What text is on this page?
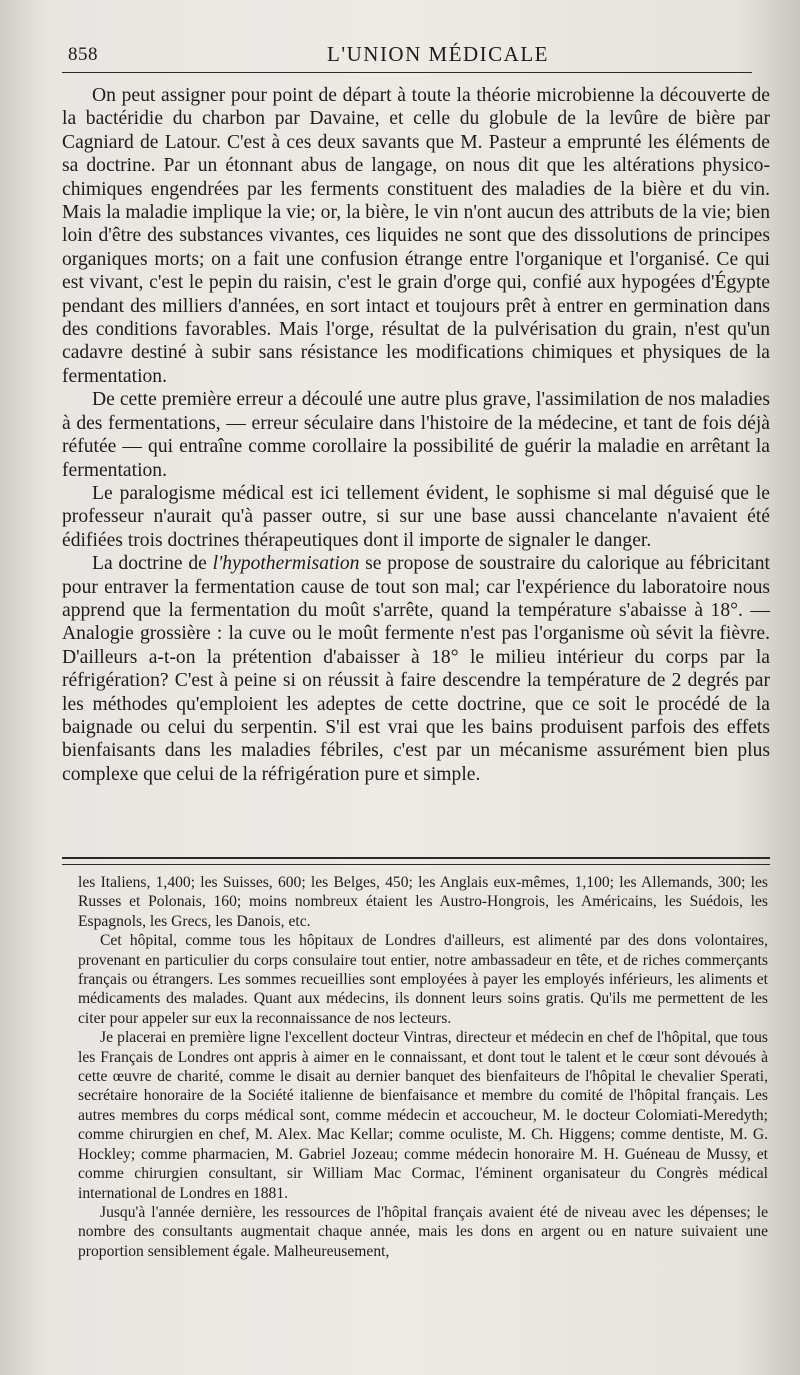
858	L'UNION MÉDICALE

On peut assigner pour point de départ à toute la théorie microbienne la découverte de la bactéridie du charbon par Davaine, et celle du globule de la levûre de bière par Cagniard de Latour. C'est à ces deux savants que M. Pasteur a emprunté les éléments de sa doctrine. Par un étonnant abus de langage, on nous dit que les altérations physico-chimiques engendrées par les ferments constituent des maladies de la bière et du vin. Mais la maladie implique la vie; or, la bière, le vin n'ont aucun des attributs de la vie; bien loin d'être des substances vivantes, ces liquides ne sont que des dissolutions de principes organiques morts; on a fait une confusion étrange entre l'organique et l'organisé. Ce qui est vivant, c'est le pepin du raisin, c'est le grain d'orge qui, confié aux hypogées d'Égypte pendant des milliers d'années, en sort intact et toujours prêt à entrer en germination dans des conditions favorables. Mais l'orge, résultat de la pulvérisation du grain, n'est qu'un cadavre destiné à subir sans résistance les modifications chimiques et physiques de la fermentation.

De cette première erreur a découlé une autre plus grave, l'assimilation de nos maladies à des fermentations, — erreur séculaire dans l'histoire de la médecine, et tant de fois déjà réfutée — qui entraîne comme corollaire la possibilité de guérir la maladie en arrêtant la fermentation.

Le paralogisme médical est ici tellement évident, le sophisme si mal déguisé que le professeur n'aurait qu'à passer outre, si sur une base aussi chancelante n'avaient été édifiées trois doctrines thérapeutiques dont il importe de signaler le danger.

La doctrine de l'hypothermisation se propose de soustraire du calorique au fébricitant pour entraver la fermentation cause de tout son mal; car l'expérience du laboratoire nous apprend que la fermentation du moût s'arrête, quand la température s'abaisse à 18°. — Analogie grossière : la cuve ou le moût fermente n'est pas l'organisme où sévit la fièvre. D'ailleurs a-t-on la prétention d'abaisser à 18° le milieu intérieur du corps par la réfrigération? C'est à peine si on réussit à faire descendre la température de 2 degrés par les méthodes qu'emploient les adeptes de cette doctrine, que ce soit le procédé de la baignade ou celui du serpentin. S'il est vrai que les bains produisent parfois des effets bienfaisants dans les maladies fébriles, c'est par un mécanisme assurément bien plus complexe que celui de la réfrigération pure et simple.

les Italiens, 1,400; les Suisses, 600; les Belges, 450; les Anglais eux-mêmes, 1,100; les Allemands, 300; les Russes et Polonais, 160; moins nombreux étaient les Austro-Hongrois, les Américains, les Suédois, les Espagnols, les Grecs, les Danois, etc.

Cet hôpital, comme tous les hôpitaux de Londres d'ailleurs, est alimenté par des dons volontaires, provenant en particulier du corps consulaire tout entier, notre ambassadeur en tête, et de riches commerçants français ou étrangers. Les sommes recueillies sont employées à payer les employés inférieurs, les aliments et médicaments des malades. Quant aux médecins, ils donnent leurs soins gratis. Qu'ils me permettent de les citer pour appeler sur eux la reconnaissance de nos lecteurs.

Je placerai en première ligne l'excellent docteur Vintras, directeur et médecin en chef de l'hôpital, que tous les Français de Londres ont appris à aimer en le connaissant, et dont tout le talent et le cœur sont dévoués à cette œuvre de charité, comme le disait au dernier banquet des bienfaiteurs de l'hôpital le chevalier Sperati, secrétaire honoraire de la Société italienne de bienfaisance et membre du comité de l'hôpital français. Les autres membres du corps médical sont, comme médecin et accoucheur, M. le docteur Colomiati-Meredyth; comme chirurgien en chef, M. Alex. Mac Kellar; comme oculiste, M. Ch. Higgens; comme dentiste, M. G. Hockley; comme pharmacien, M. Gabriel Jozeau; comme médecin honoraire M. H. Guéneau de Mussy, et comme chirurgien consultant, sir William Mac Cormac, l'éminent organisateur du Congrès médical international de Londres en 1881.

Jusqu'à l'année dernière, les ressources de l'hôpital français avaient été de niveau avec les dépenses; le nombre des consultants augmentait chaque année, mais les dons en argent ou en nature suivaient une proportion sensiblement égale. Malheureusement,
